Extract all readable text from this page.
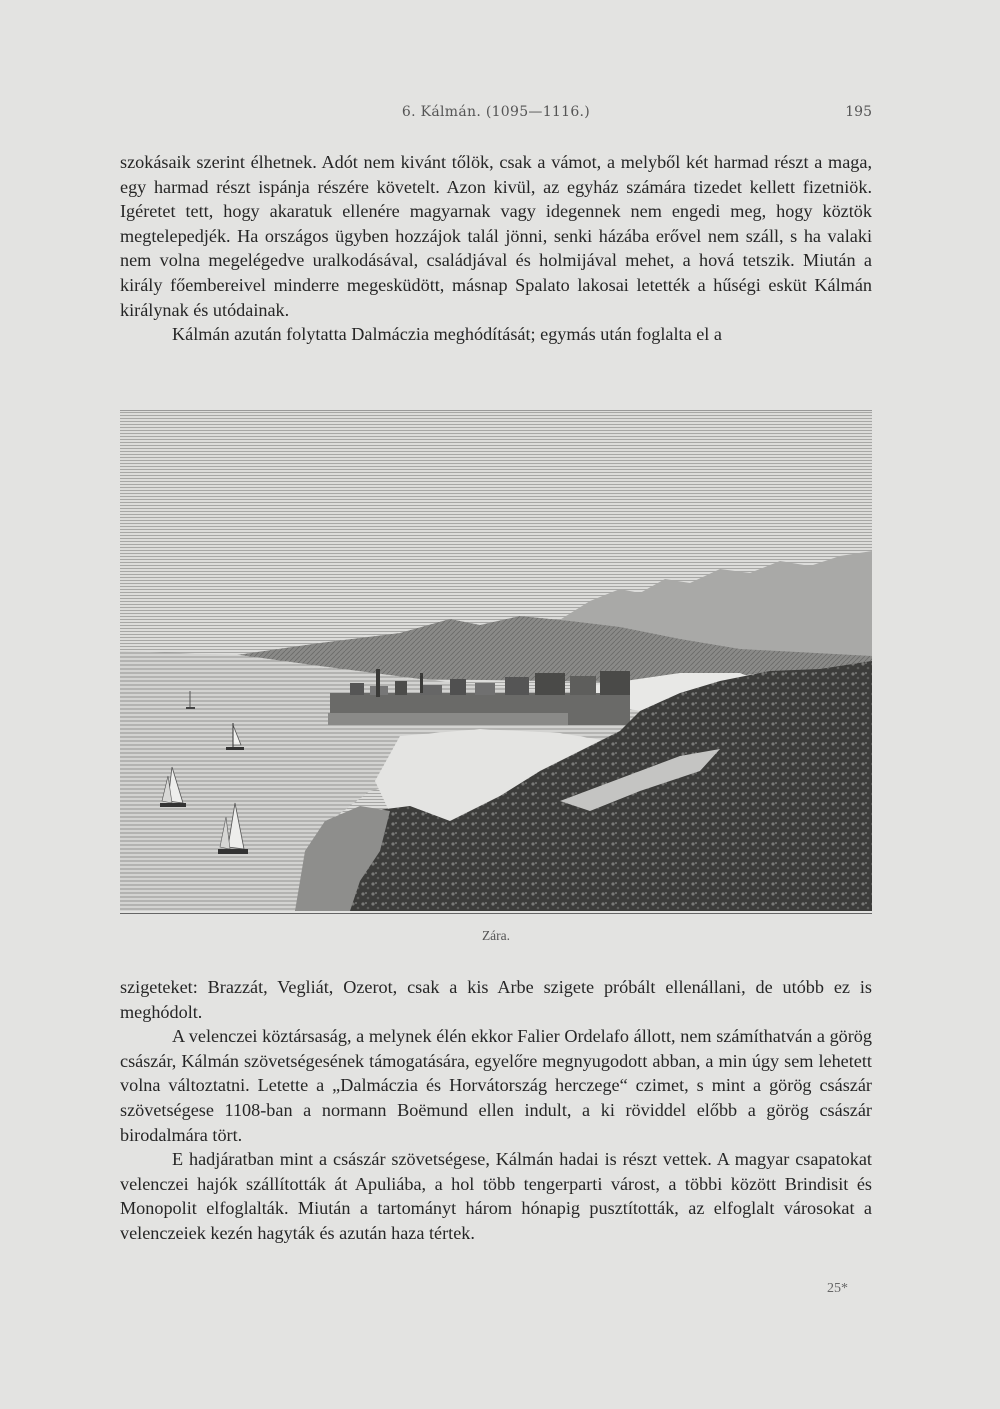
6. Kálmán. (1095—1116.)	195

szokásaik szerint élhetnek. Adót nem kivánt tőlök, csak a vámot, a melyből két harmad részt a maga, egy harmad részt ispánja részére követelt. Azon kivül, az egyház számára tizedet kellett fizetniök. Igéretet tett, hogy akaratuk ellenére magyarnak vagy idegennek nem engedi meg, hogy köztök megtelepedjék. Ha országos ügyben hozzájok talál jönni, senki házába erővel nem száll, s ha valaki nem volna megelégedve uralkodásával, családjával és holmijával mehet, a hová tetszik. Miután a király főembereivel minderre megesküdött, másnap Spalato lakosai letették a hűségi esküt Kálmán királynak és utódainak.

Kálmán azután folytatta Dalmáczia meghódítását; egymás után foglalta el a

Zára.

szigeteket: Brazzát, Vegliát, Ozerot, csak a kis Arbe szigete próbált ellenállani, de utóbb ez is meghódolt.

A velenczei köztársaság, a melynek élén ekkor Falier Ordelafo állott, nem számíthatván a görög császár, Kálmán szövetségesének támogatására, egyelőre megnyugodott abban, a min úgy sem lehetett volna változtatni. Letette a „Dalmáczia és Horvátország herczege“ czimet, s mint a görög császár szövetségese 1108-ban a normann Boëmund ellen indult, a ki röviddel előbb a görög császár birodalmára tört.

E hadjáratban mint a császár szövetségese, Kálmán hadai is részt vettek. A magyar csapatokat velenczei hajók szállították át Apuliába, a hol több tengerparti várost, a többi között Brindisit és Monopolit elfoglalták. Miután a tartományt három hónapig pusztították, az elfoglalt városokat a velenczeiek kezén hagyták és azután haza tértek.

25*
